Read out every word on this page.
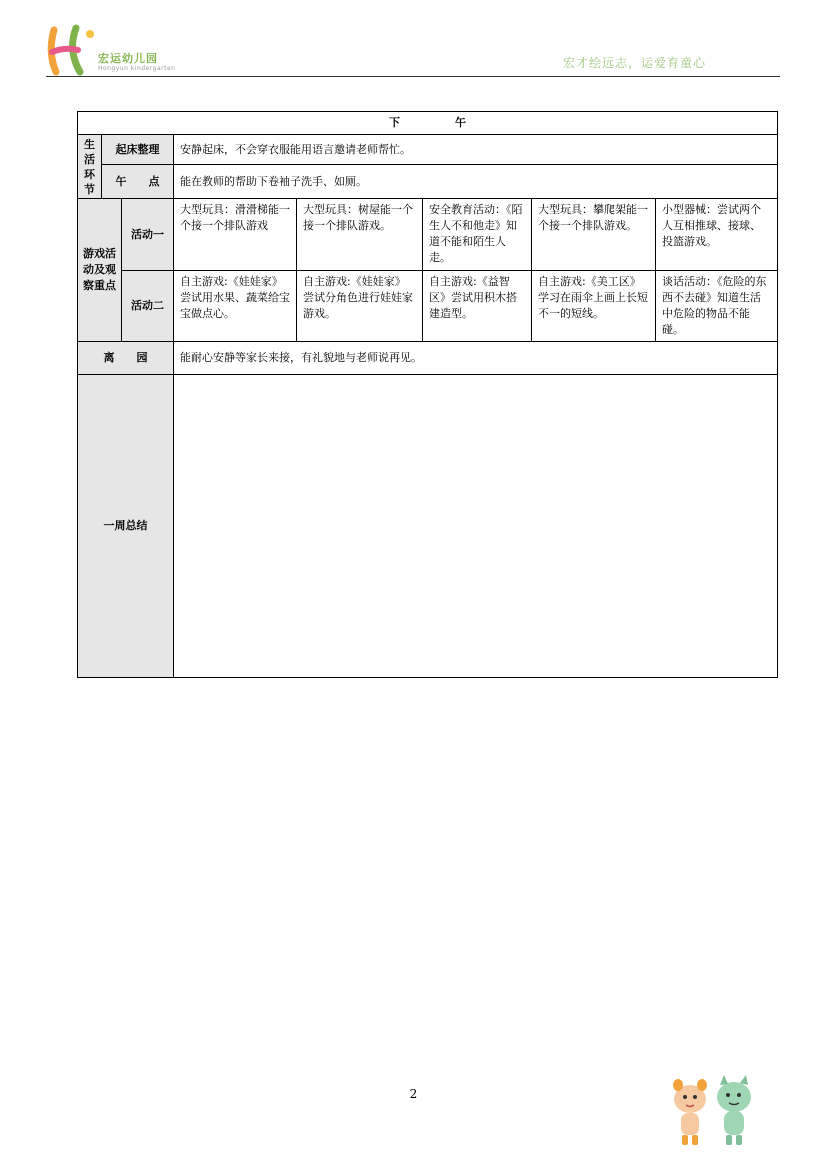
宏运幼儿园
Hongyun kindergarten	宏才绘远志，运爱育童心
下　　　　　午							
生活环节	起床整理		安静起床，不会穿衣服能用语言邀请老师帮忙。				
	午　　点		能在教师的帮助下卷袖子洗手、如厕。				
游戏活动及观察重点		活动一	大型玩具：滑滑梯能一个接一个排队游戏	大型玩具：树屋能一个接一个排队游戏。	安全教育活动：《陌生人不和他走》知道不能和陌生人走。	大型玩具：攀爬架能一个接一个排队游戏。	小型器械：尝试两个人互相推球、接球、投篮游戏。
		活动二	自主游戏:《娃娃家》尝试用水果、蔬菜给宝宝做点心。	自主游戏:《娃娃家》尝试分角色进行娃娃家游戏。	自主游戏:《益智区》尝试用积木搭建造型。	自主游戏:《美工区》学习在雨伞上画上长短不一的短线。	谈话活动：《危险的东西不去碰》知道生活中危险的物品不能碰。
离　　园			能耐心安静等家长来接，有礼貌地与老师说再见。				
一周总结							
2
